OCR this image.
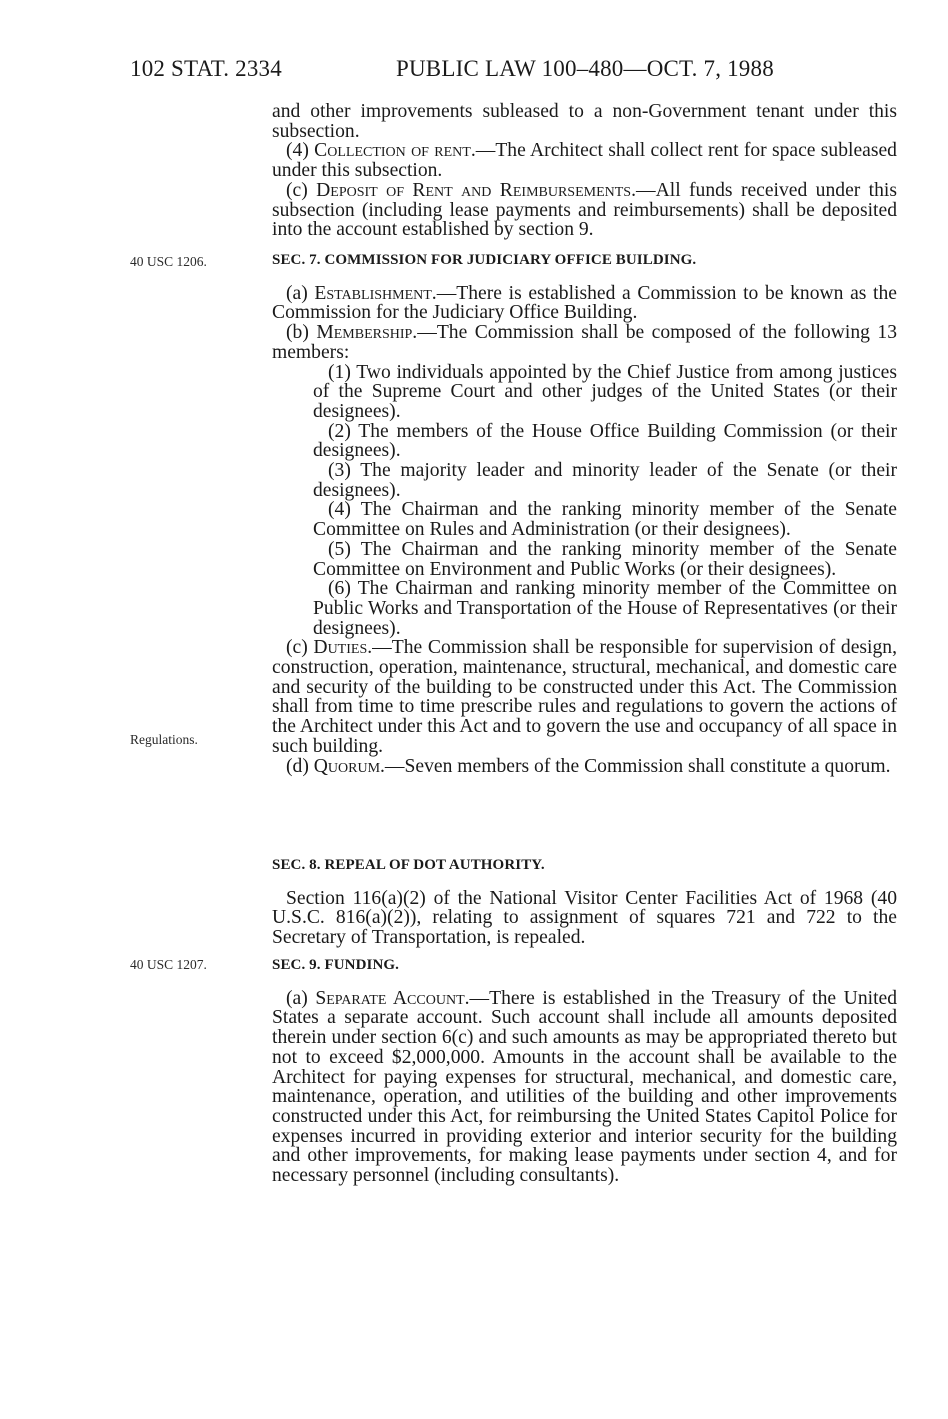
102 STAT. 2334	PUBLIC LAW 100–480—OCT. 7, 1988
40 USC 1206.
Regulations.
40 USC 1207.

and other improvements subleased to a non-Government tenant under this subsection.

(4) Collection of rent.—The Architect shall collect rent for space subleased under this subsection.

(c) Deposit of Rent and Reimbursements.—All funds received under this subsection (including lease payments and reimbursements) shall be deposited into the account established by section 9.

SEC. 7. COMMISSION FOR JUDICIARY OFFICE BUILDING.

(a) Establishment.—There is established a Commission to be known as the Commission for the Judiciary Office Building.

(b) Membership.—The Commission shall be composed of the following 13 members:

(1) Two individuals appointed by the Chief Justice from among justices of the Supreme Court and other judges of the United States (or their designees).

(2) The members of the House Office Building Commission (or their designees).

(3) The majority leader and minority leader of the Senate (or their designees).

(4) The Chairman and the ranking minority member of the Senate Committee on Rules and Administration (or their designees).

(5) The Chairman and the ranking minority member of the Senate Committee on Environment and Public Works (or their designees).

(6) The Chairman and ranking minority member of the Committee on Public Works and Transportation of the House of Representatives (or their designees).

(c) Duties.—The Commission shall be responsible for supervision of design, construction, operation, maintenance, structural, mechanical, and domestic care and security of the building to be constructed under this Act. The Commission shall from time to time prescribe rules and regulations to govern the actions of the Architect under this Act and to govern the use and occupancy of all space in such building.

(d) Quorum.—Seven members of the Commission shall constitute a quorum.

SEC. 8. REPEAL OF DOT AUTHORITY.

Section 116(a)(2) of the National Visitor Center Facilities Act of 1968 (40 U.S.C. 816(a)(2)), relating to assignment of squares 721 and 722 to the Secretary of Transportation, is repealed.

SEC. 9. FUNDING.

(a) Separate Account.—There is established in the Treasury of the United States a separate account. Such account shall include all amounts deposited therein under section 6(c) and such amounts as may be appropriated thereto but not to exceed $2,000,000. Amounts in the account shall be available to the Architect for paying expenses for structural, mechanical, and domestic care, maintenance, operation, and utilities of the building and other improvements constructed under this Act, for reimbursing the United States Capitol Police for expenses incurred in providing exterior and interior security for the building and other improvements, for making lease payments under section 4, and for necessary personnel (including consultants).
